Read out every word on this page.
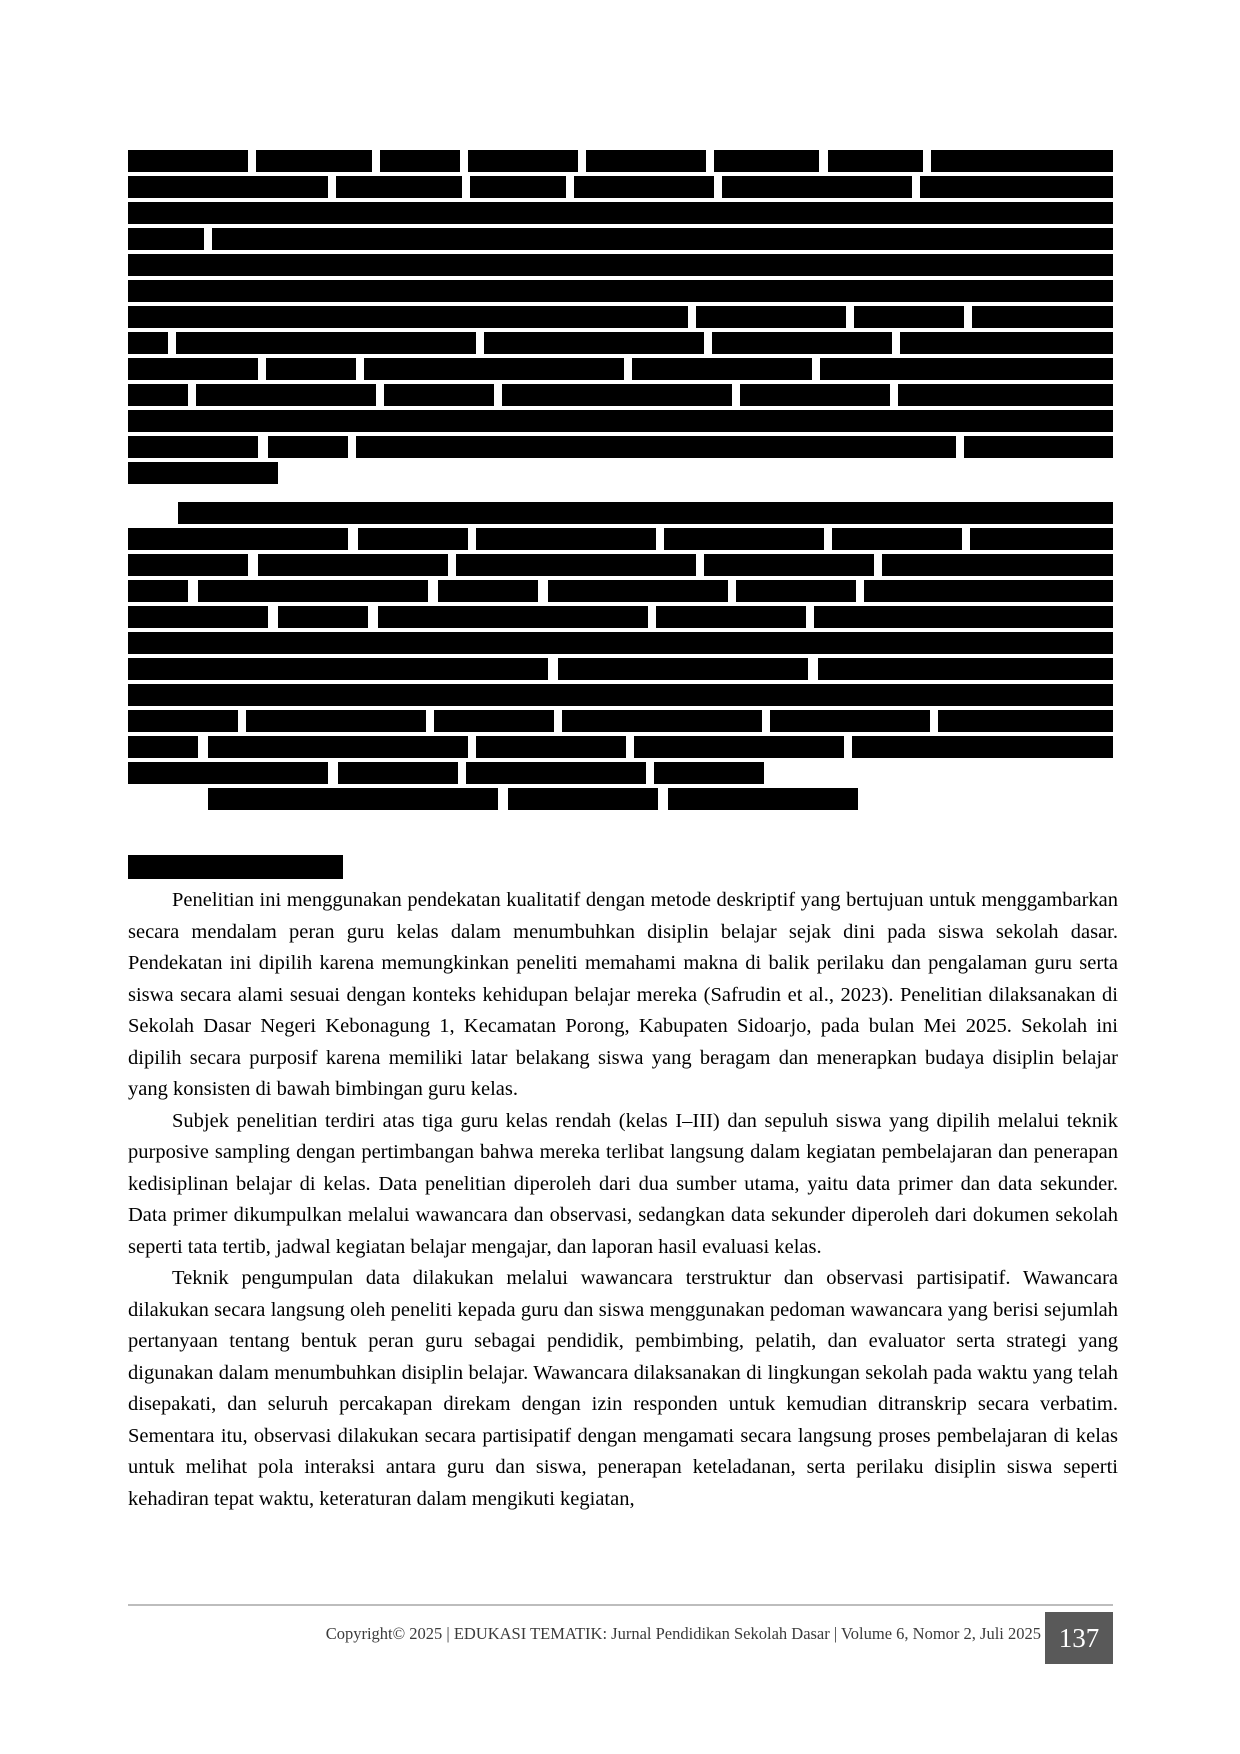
Penelitian ini menggunakan pendekatan kualitatif dengan metode deskriptif yang bertujuan untuk menggambarkan secara mendalam peran guru kelas dalam menumbuhkan disiplin belajar sejak dini pada siswa sekolah dasar. Pendekatan ini dipilih karena memungkinkan peneliti memahami makna di balik perilaku dan pengalaman guru serta siswa secara alami sesuai dengan konteks kehidupan belajar mereka (Safrudin et al., 2023). Penelitian dilaksanakan di Sekolah Dasar Negeri Kebonagung 1, Kecamatan Porong, Kabupaten Sidoarjo, pada bulan Mei 2025. Sekolah ini dipilih secara purposif karena memiliki latar belakang siswa yang beragam dan menerapkan budaya disiplin belajar yang konsisten di bawah bimbingan guru kelas.

Subjek penelitian terdiri atas tiga guru kelas rendah (kelas I–III) dan sepuluh siswa yang dipilih melalui teknik purposive sampling dengan pertimbangan bahwa mereka terlibat langsung dalam kegiatan pembelajaran dan penerapan kedisiplinan belajar di kelas. Data penelitian diperoleh dari dua sumber utama, yaitu data primer dan data sekunder. Data primer dikumpulkan melalui wawancara dan observasi, sedangkan data sekunder diperoleh dari dokumen sekolah seperti tata tertib, jadwal kegiatan belajar mengajar, dan laporan hasil evaluasi kelas.

Teknik pengumpulan data dilakukan melalui wawancara terstruktur dan observasi partisipatif. Wawancara dilakukan secara langsung oleh peneliti kepada guru dan siswa menggunakan pedoman wawancara yang berisi sejumlah pertanyaan tentang bentuk peran guru sebagai pendidik, pembimbing, pelatih, dan evaluator serta strategi yang digunakan dalam menumbuhkan disiplin belajar. Wawancara dilaksanakan di lingkungan sekolah pada waktu yang telah disepakati, dan seluruh percakapan direkam dengan izin responden untuk kemudian ditranskrip secara verbatim. Sementara itu, observasi dilakukan secara partisipatif dengan mengamati secara langsung proses pembelajaran di kelas untuk melihat pola interaksi antara guru dan siswa, penerapan keteladanan, serta perilaku disiplin siswa seperti kehadiran tepat waktu, keteraturan dalam mengikuti kegiatan,

Copyright© 2025 | EDUKASI TEMATIK: Jurnal Pendidikan Sekolah Dasar | Volume 6, Nomor 2, Juli 2025 137
